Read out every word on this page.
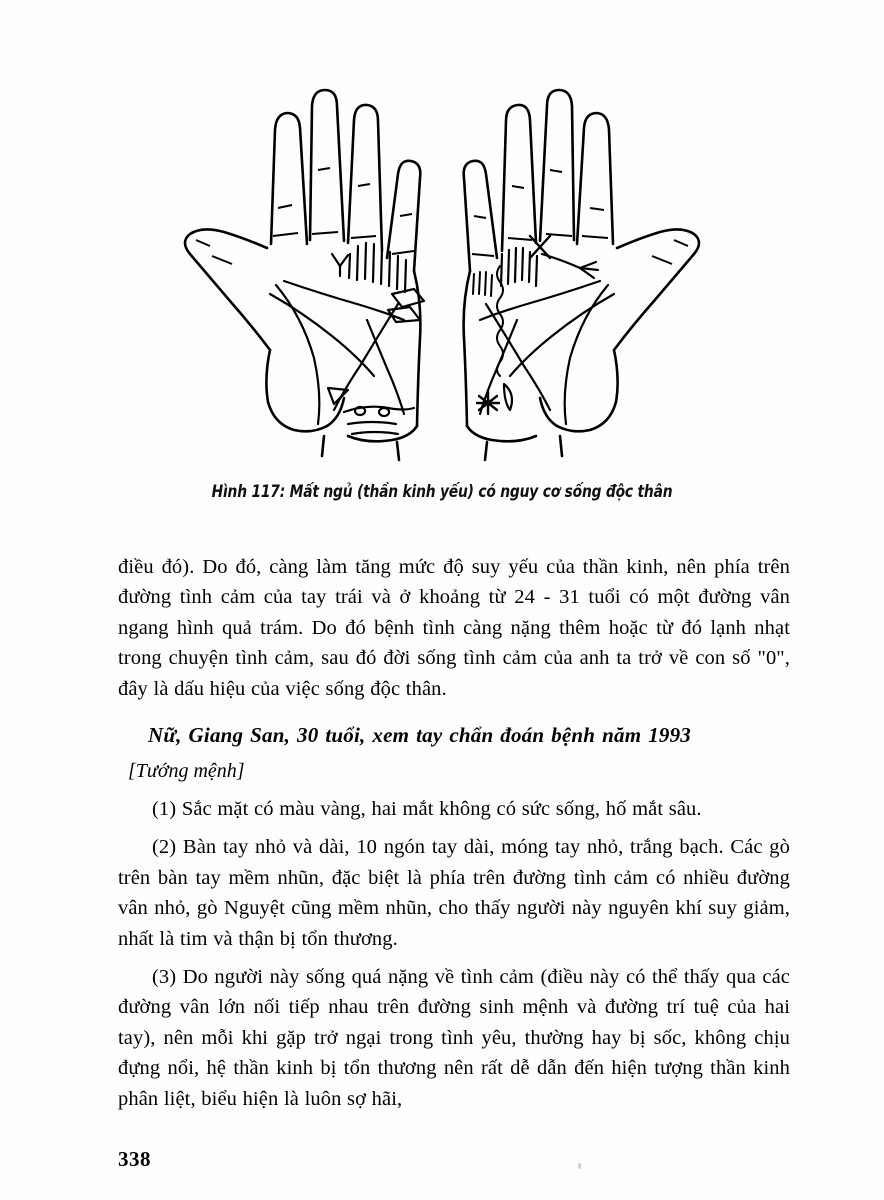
Hình 117: Mất ngủ (thần kinh yếu) có nguy cơ sống độc thân

điều đó). Do đó, càng làm tăng mức độ suy yếu của thần kinh, nên phía trên đường tình cảm của tay trái và ở khoảng từ 24 - 31 tuổi có một đường vân ngang hình quả trám. Do đó bệnh tình càng nặng thêm hoặc từ đó lạnh nhạt trong chuyện tình cảm, sau đó đời sống tình cảm của anh ta trở về con số "0", đây là dấu hiệu của việc sống độc thân.

Nữ, Giang San, 30 tuổi, xem tay chẩn đoán bệnh năm 1993

[Tướng mệnh]

(1) Sắc mặt có màu vàng, hai mắt không có sức sống, hố mắt sâu.

(2) Bàn tay nhỏ và dài, 10 ngón tay dài, móng tay nhỏ, trắng bạch. Các gò trên bàn tay mềm nhũn, đặc biệt là phía trên đường tình cảm có nhiều đường vân nhỏ, gò Nguyệt cũng mềm nhũn, cho thấy người này nguyên khí suy giảm, nhất là tim và thận bị tổn thương.

(3) Do người này sống quá nặng về tình cảm (điều này có thể thấy qua các đường vân lớn nối tiếp nhau trên đường sinh mệnh và đường trí tuệ của hai tay), nên mỗi khi gặp trở ngại trong tình yêu, thường hay bị sốc, không chịu đựng nổi, hệ thần kinh bị tổn thương nên rất dễ dẫn đến hiện tượng thần kinh phân liệt, biểu hiện là luôn sợ hãi,

338
